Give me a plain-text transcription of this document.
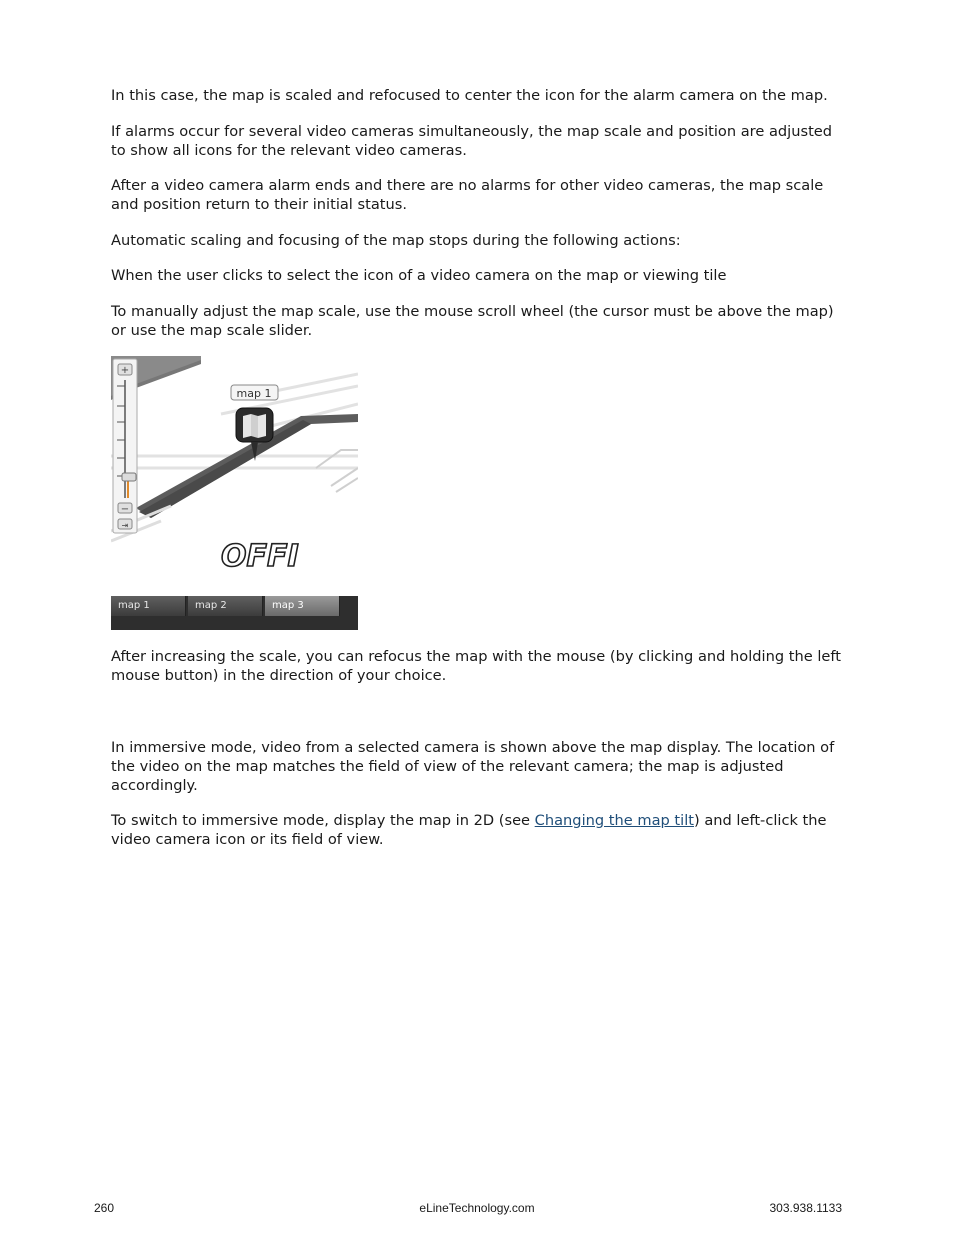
In this case, the map is scaled and refocused to center the icon for the alarm camera on the map.

If alarms occur for several video cameras simultaneously, the map scale and position are adjusted to show all icons for the relevant video cameras.

After a video camera alarm ends and there are no alarms for other video cameras, the map scale and position return to their initial status.

Automatic scaling and focusing of the map stops during the following actions:

When the user clicks to select the icon of a video camera on the map or viewing tile

To manually adjust the map scale, use the mouse scroll wheel (the cursor must be above the map) or use the map scale slider.

OFFI
+
−
⇥
map 1
map 1	map 2	map 3

After increasing the scale, you can refocus the map with the mouse (by clicking and holding the left mouse button) in the direction of your choice.

In immersive mode, video from a selected camera is shown above the map display. The location of the video on the map matches the field of view of the relevant camera; the map is adjusted accordingly.

To switch to immersive mode, display the map in 2D (see Changing the map tilt) and left-click the video camera icon or its field of view.

260	eLineTechnology.com	303.938.1133
